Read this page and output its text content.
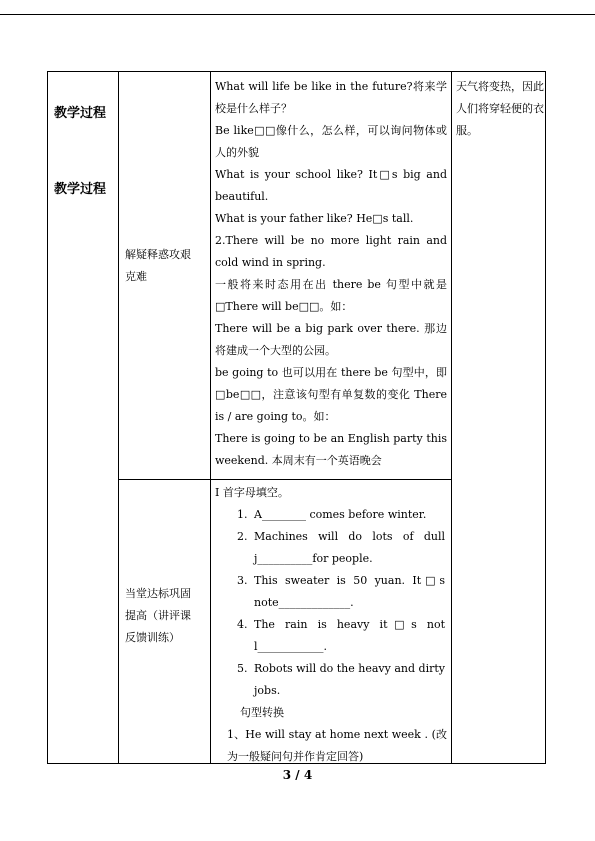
教学过程
教学过程
解疑释惑攻艰
克难

What will life be like in the future?将来学校是什么样子？

Be like□□像什么，怎么样，可以询问物体或人的外貌

What is your school like? It□s big and beautiful.

What is your father like? He□s tall.

2.There will be no more light rain and cold wind in spring.

一般将来时态用在出 there be 句型中就是□There will be□□。如：

There will be a big park over there. 那边将建成一个大型的公园。

be going to 也可以用在 there be 句型中，即□be□□，注意该句型有单复数的变化 There is / are going to。如：

There is going to be an English party this weekend. 本周末有一个英语晚会

当堂达标巩固
提高（讲评课
反馈训练）
I 首字母填空。
1. A________ comes before winter.
2. Machines will do lots of dull j__________for people.
3. This sweater is 50 yuan. It□s note_____________.
4. The rain is heavy it□s not l____________.
5. Robots will do the heavy and dirty jobs.
句型转换
1、He will stay at home next week . (改为一般疑问句并作肯定回答)
天气将变热，因此人们将穿轻便的衣服。
3 / 4
